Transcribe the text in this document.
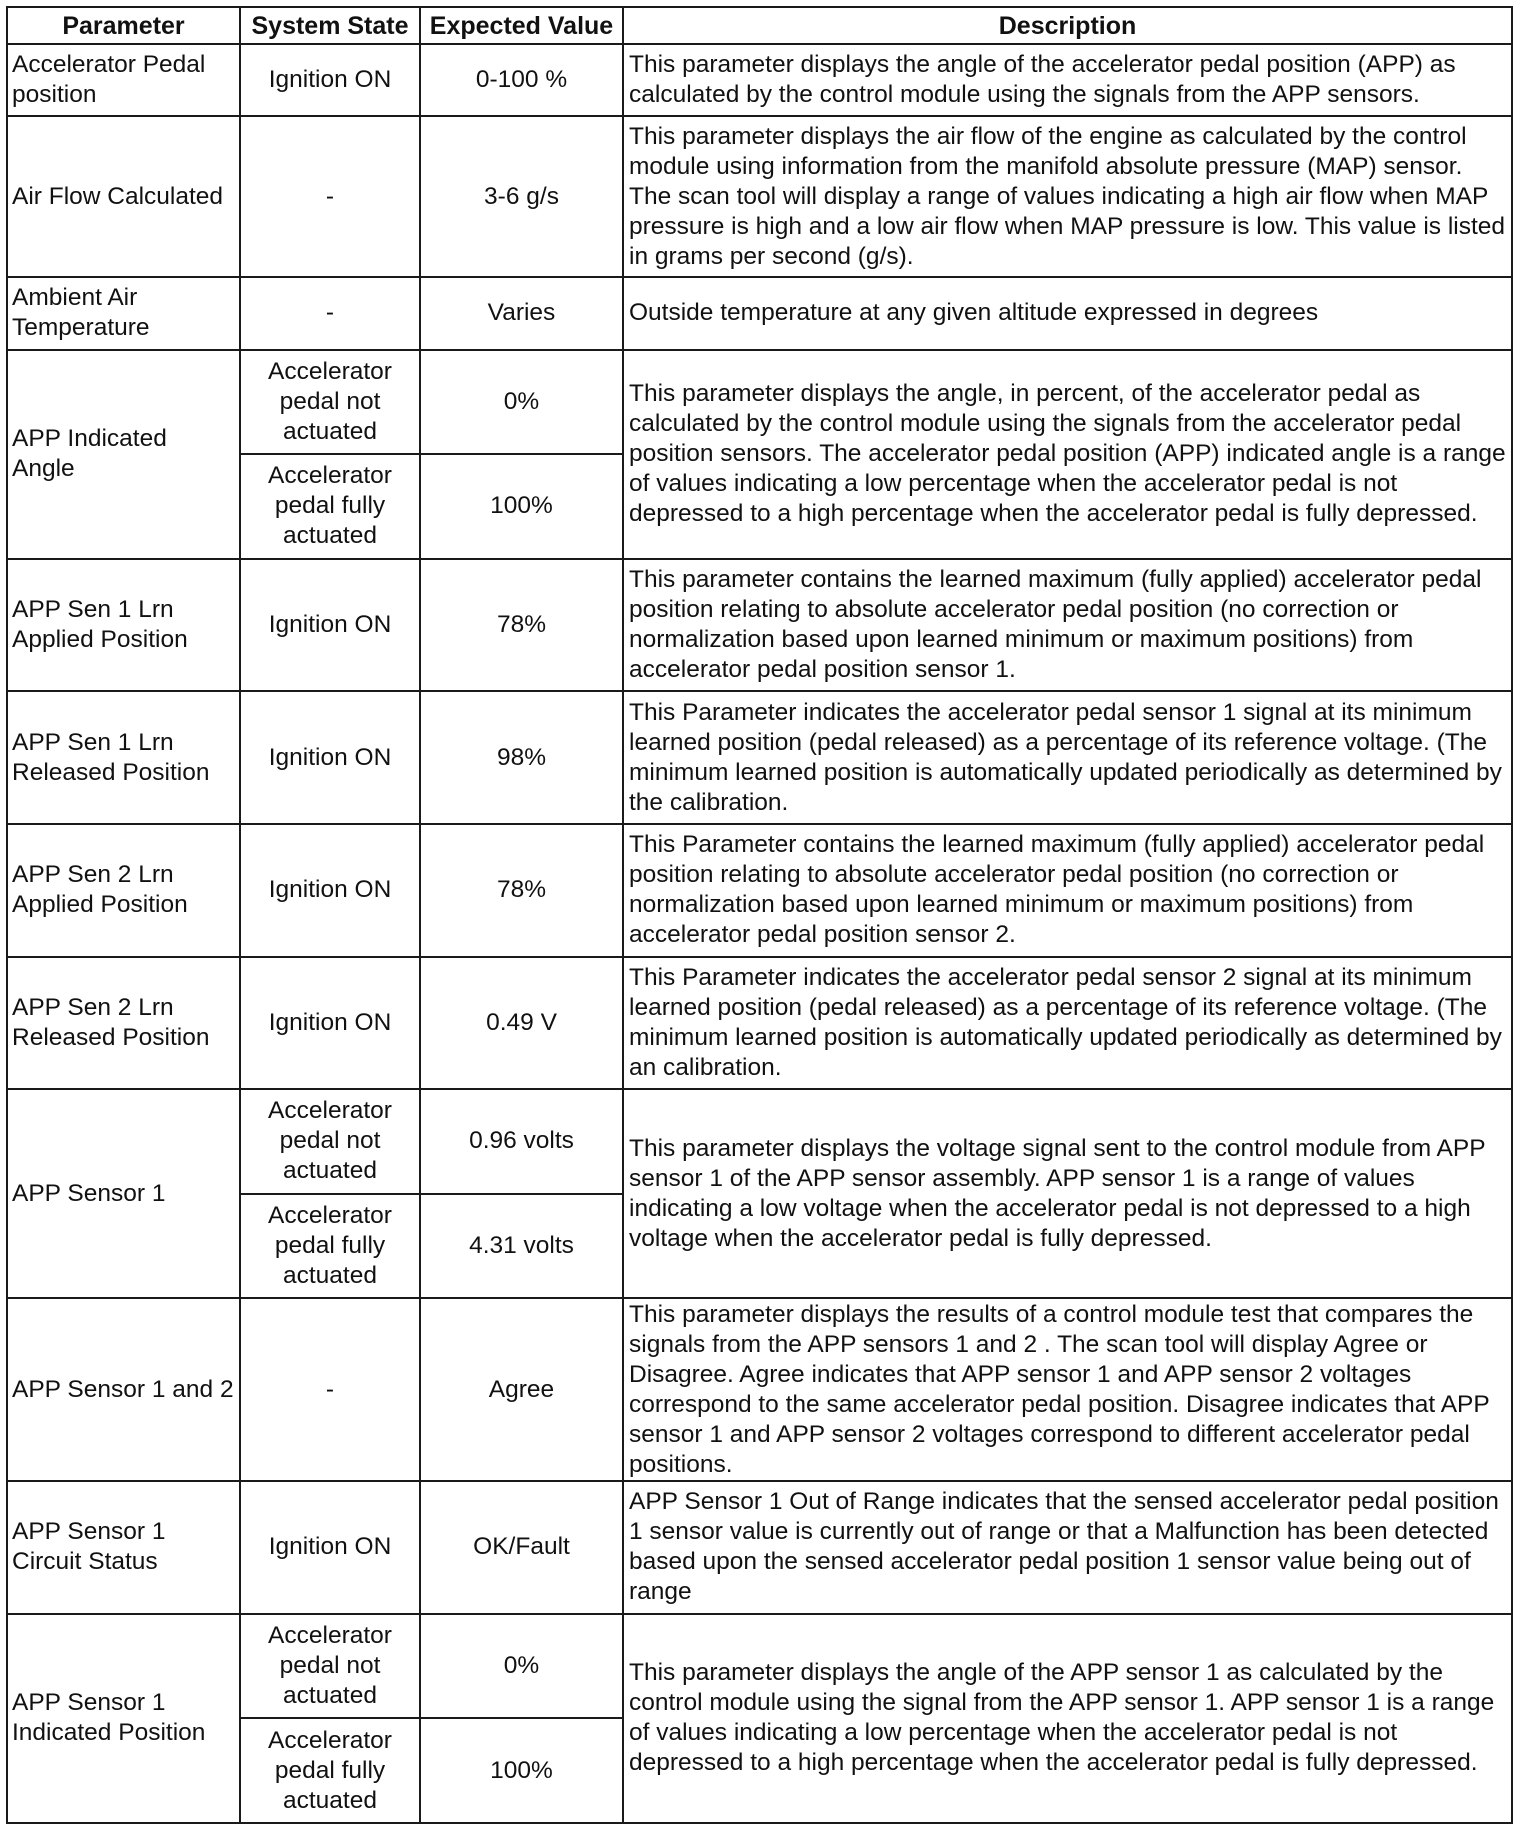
Parameter	System State	Expected Value	Description
Accelerator Pedal position	Ignition ON	0-100 %	This parameter displays the angle of the accelerator pedal position (APP) as calculated by the control module using the signals from the APP sensors.
Air Flow Calculated	-	3-6 g/s	This parameter displays the air flow of the engine as calculated by the control module using information from the manifold absolute pressure (MAP) sensor. The scan tool will display a range of values indicating a high air flow when MAP pressure is high and a low air flow when MAP pressure is low. This value is listed in grams per second (g/s).
Ambient Air Temperature	-	Varies	Outside temperature at any given altitude expressed in degrees
APP Indicated Angle	Accelerator pedal not actuated	0%	This parameter displays the angle, in percent, of the accelerator pedal as calculated by the control module using the signals from the accelerator pedal position sensors. The accelerator pedal position (APP) indicated angle is a range of values indicating a low percentage when the accelerator pedal is not depressed to a high percentage when the accelerator pedal is fully depressed.
	Accelerator pedal fully actuated	100%	
APP Sen 1 Lrn Applied Position	Ignition ON	78%	This parameter contains the learned maximum (fully applied) accelerator pedal position relating to absolute accelerator pedal position (no correction or normalization based upon learned minimum or maximum positions) from accelerator pedal position sensor 1.
APP Sen 1 Lrn Released Position	Ignition ON	98%	This Parameter indicates the accelerator pedal sensor 1 signal at its minimum learned position (pedal released) as a percentage of its reference voltage. (The minimum learned position is automatically updated periodically as determined by the calibration.
APP Sen 2 Lrn Applied Position	Ignition ON	78%	This Parameter contains the learned maximum (fully applied) accelerator pedal position relating to absolute accelerator pedal position (no correction or normalization based upon learned minimum or maximum positions) from accelerator pedal position sensor 2.
APP Sen 2 Lrn Released Position	Ignition ON	0.49 V	This Parameter indicates the accelerator pedal sensor 2 signal at its minimum learned position (pedal released) as a percentage of its reference voltage. (The minimum learned position is automatically updated periodically as determined by an calibration.
APP Sensor 1	Accelerator pedal not actuated	0.96 volts	This parameter displays the voltage signal sent to the control module from APP sensor 1 of the APP sensor assembly. APP sensor 1 is a range of values indicating a low voltage when the accelerator pedal is not depressed to a high voltage when the accelerator pedal is fully depressed.
	Accelerator pedal fully actuated	4.31 volts	
APP Sensor 1 and 2	-	Agree	This parameter displays the results of a control module test that compares the signals from the APP sensors 1 and 2 . The scan tool will display Agree or Disagree. Agree indicates that APP sensor 1 and APP sensor 2 voltages correspond to the same accelerator pedal position. Disagree indicates that APP sensor 1 and APP sensor 2 voltages correspond to different accelerator pedal positions.
APP Sensor 1 Circuit Status	Ignition ON	OK/Fault	APP Sensor 1 Out of Range indicates that the sensed accelerator pedal position 1 sensor value is currently out of range or that a Malfunction has been detected based upon the sensed accelerator pedal position 1 sensor value being out of range
APP Sensor 1 Indicated Position	Accelerator pedal not actuated	0%	This parameter displays the angle of the APP sensor 1 as calculated by the control module using the signal from the APP sensor 1. APP sensor 1 is a range of values indicating a low percentage when the accelerator pedal is not depressed to a high percentage when the accelerator pedal is fully depressed.
	Accelerator pedal fully actuated	100%	
